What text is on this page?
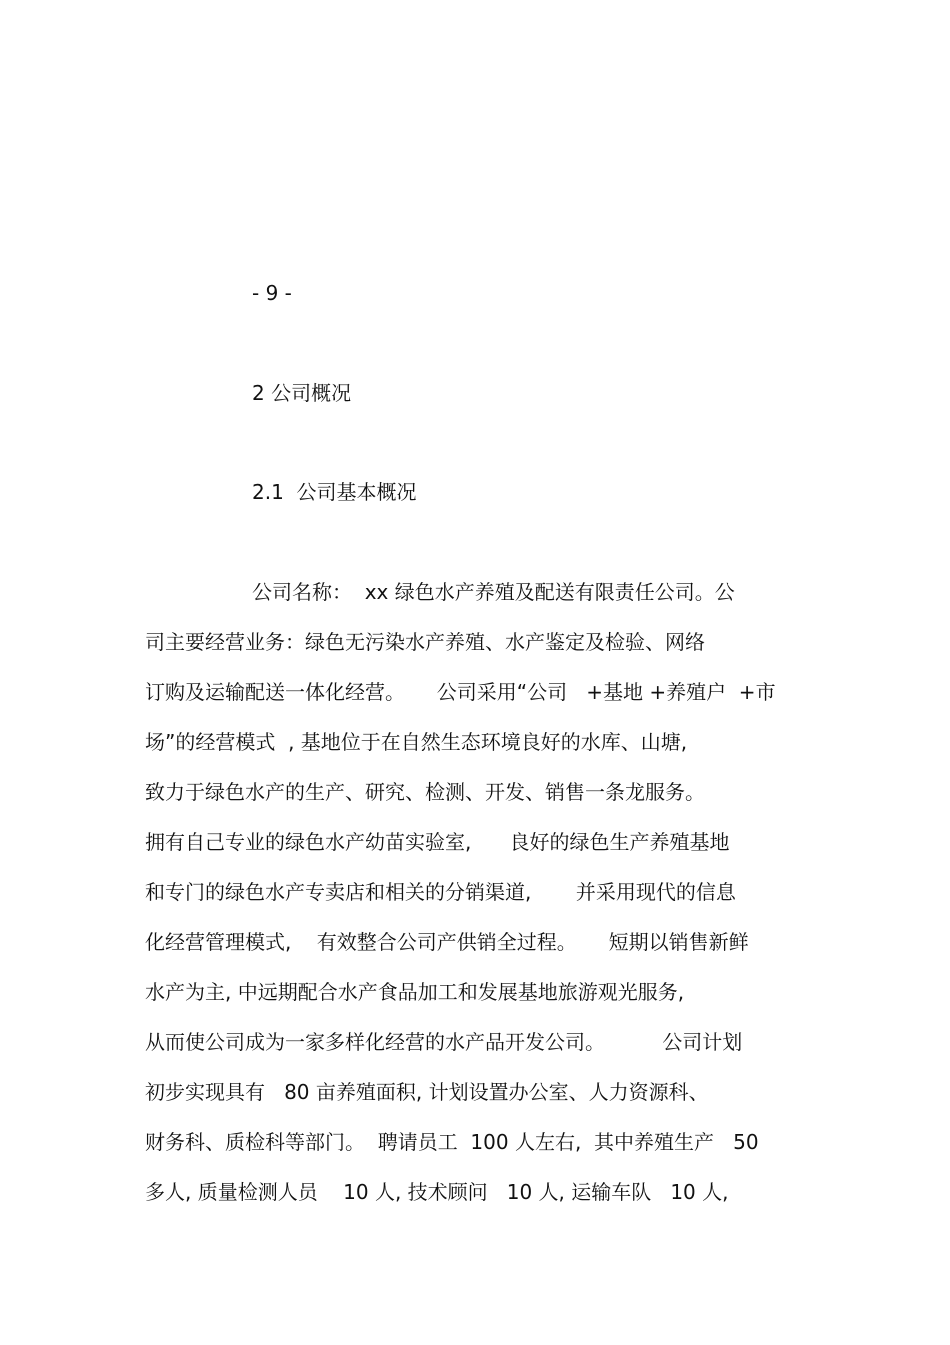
- 9 -
2 公司概况
2.1  公司基本概况
公司名称：  xx 绿色水产养殖及配送有限责任公司。公
司主要经营业务：绿色无污染水产养殖、水产鉴定及检验、网络
订购及运输配送一体化经营。     公司采用“公司   +基地 +养殖户  +市
场”的经营模式  , 基地位于在自然生态环境良好的水库、山塘,
致力于绿色水产的生产、研究、检测、开发、销售一条龙服务。
拥有自己专业的绿色水产幼苗实验室,      良好的绿色生产养殖基地
和专门的绿色水产专卖店和相关的分销渠道,       并采用现代的信息
化经营管理模式,    有效整合公司产供销全过程。     短期以销售新鲜
水产为主, 中远期配合水产食品加工和发展基地旅游观光服务,
从而使公司成为一家多样化经营的水产品开发公司。         公司计划
初步实现具有   80 亩养殖面积, 计划设置办公室、人力资源科、
财务科、质检科等部门。  聘请员工  100 人左右,  其中养殖生产   50
多人, 质量检测人员    10 人, 技术顾问   10 人, 运输车队   10 人,
